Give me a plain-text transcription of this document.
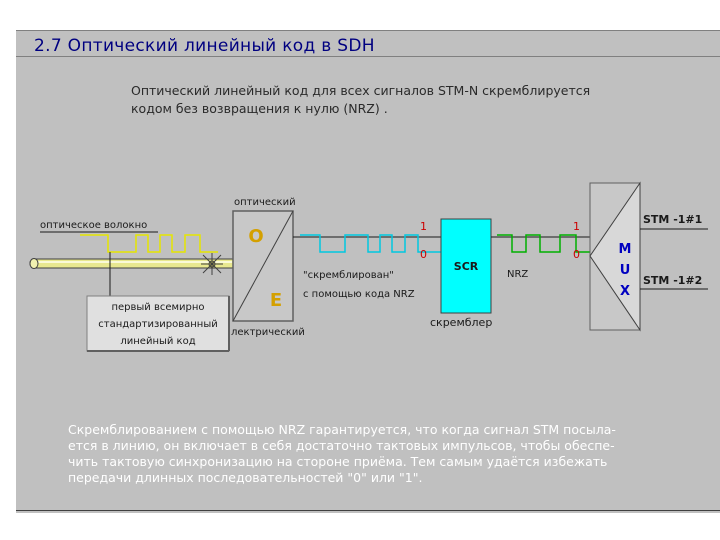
2.7 Оптический линейный код в SDH
Оптический линейный код для всех сигналов STM-N скремблируется
кодом без возвращения к нулю (NRZ) .
оптическое волокно
первый всемирно
стандартизированный
линейный код
O
E
оптический
лектрический
"скремблирован"
с помощью кода NRZ
1
0
SCR
скремблер
NRZ
1
0	M
U
X
STM -1#1
STM -1#2
Скремблированием с помощью NRZ гарантируется, что когда сигнал STM посыла-
ется в линию, он включает в себя достаточно тактовых импульсов, чтобы обеспе-
чить тактовую синхронизацию на стороне приёма. Тем самым удаётся избежать
передачи длинных последовательностей "0" или "1".
